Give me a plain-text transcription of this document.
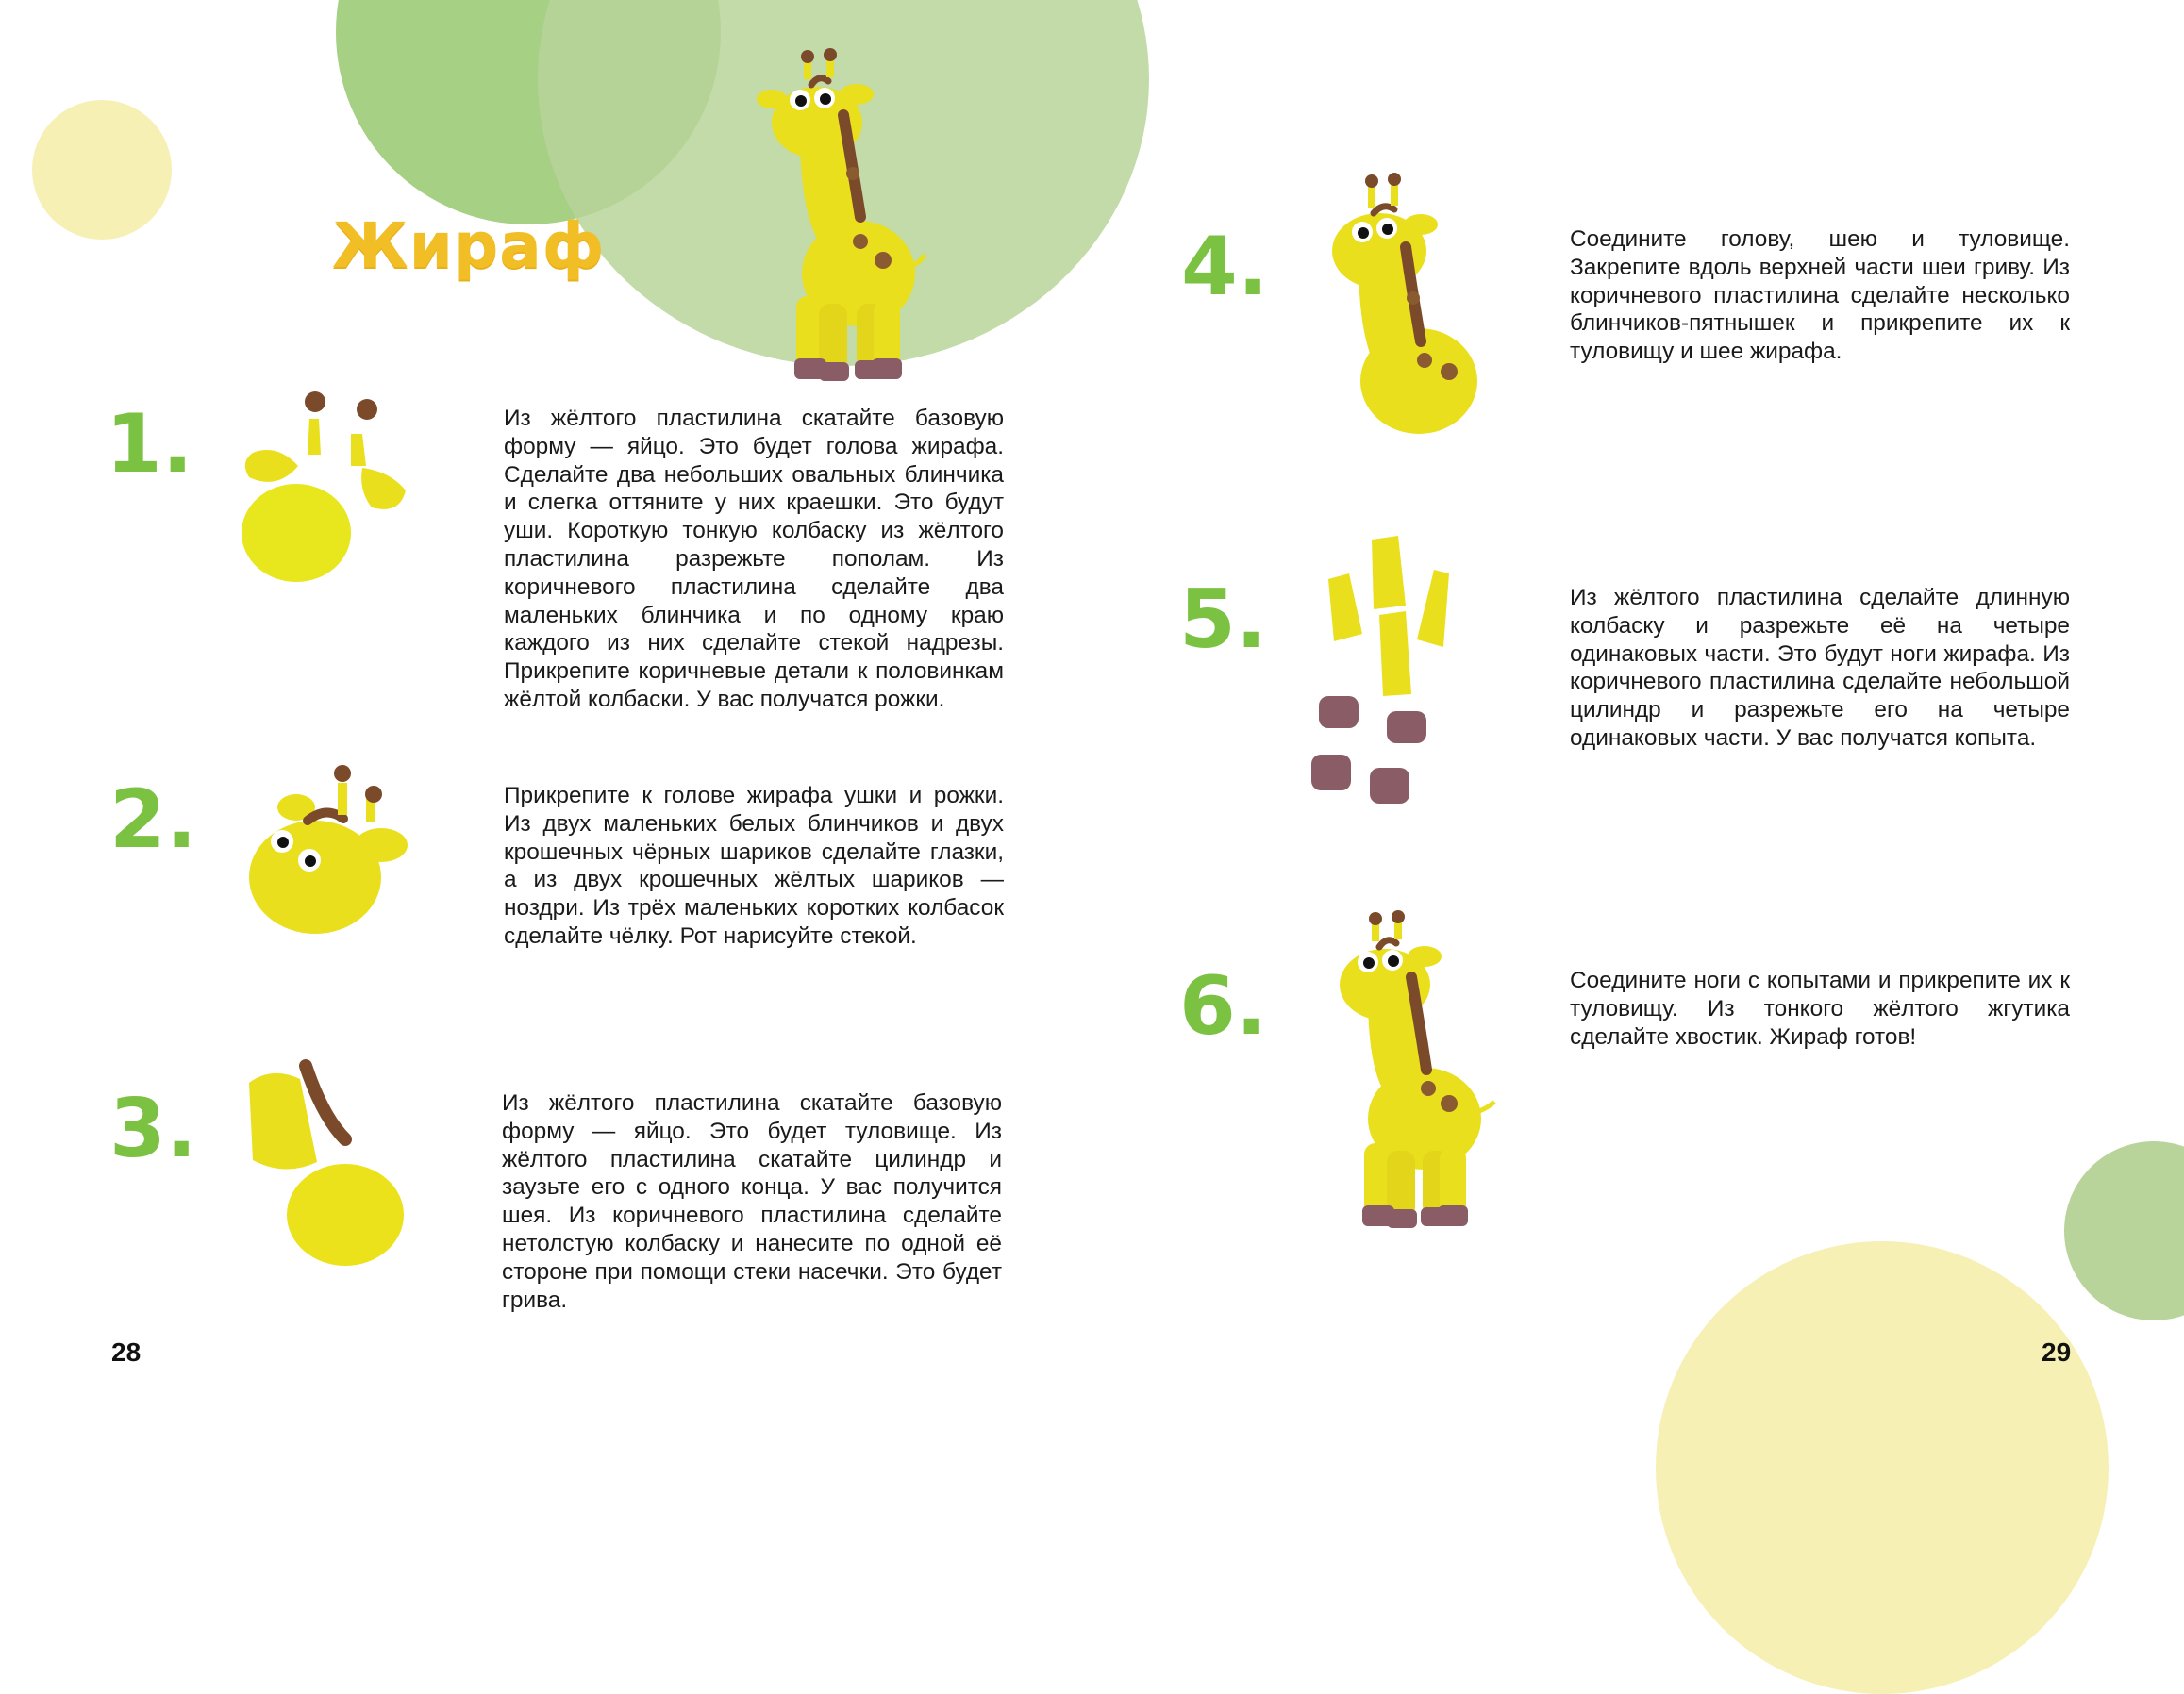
Жираф
1.	Из жёлтого пластилина скатайте базовую форму — яйцо. Это будет голова жирафа. Сделайте два небольших овальных блинчика и слегка оттяните у них краешки. Это будут уши. Короткую тонкую колбаску из жёлтого пластилина разрежьте пополам. Из коричневого пластилина сделайте два маленьких блинчика и по одному краю каждого из них сделайте стекой надрезы. Прикрепите коричневые детали к половинкам жёлтой колбаски. У вас получатся рожки.
2.	Прикрепите к голове жирафа ушки и рожки. Из двух маленьких белых блинчиков и двух крошечных чёрных шариков сделайте глазки, а из двух крошечных жёлтых шариков — ноздри. Из трёх маленьких коротких колбасок сделайте чёлку. Рот нарисуйте стекой.
3.	Из жёлтого пластилина скатайте базовую форму — яйцо. Это будет туловище. Из жёлтого пластилина скатайте цилиндр и заузьте его с одного конца. У вас получится шея. Из коричневого пластилина сделайте нетолстую колбаску и нанесите по одной её стороне при помощи стеки насечки. Это будет грива.
4.	Соедините голову, шею и туловище. Закрепите вдоль верхней части шеи гриву. Из коричневого пластилина сделайте несколько блинчиков-пятнышек и прикрепите их к туловищу и шее жирафа.
5.	Из жёлтого пластилина сделайте длинную колбаску и разрежьте её на четыре одинаковых части. Это будут ноги жирафа. Из коричневого пластилина сделайте небольшой цилиндр и разрежьте его на четыре одинаковых части. У вас получатся копыта.
6.	Соедините ноги с копытами и прикрепите их к туловищу. Из тонкого жёлтого жгутика сделайте хвостик. Жираф готов!
28	29
